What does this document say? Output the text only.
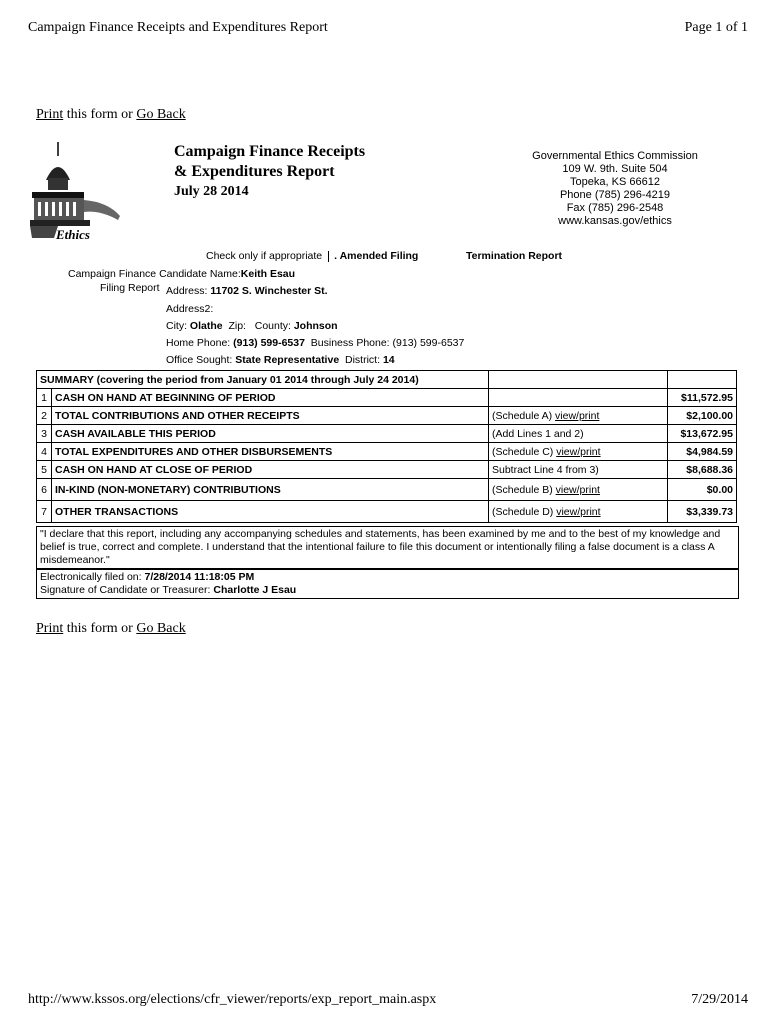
Campaign Finance Receipts and Expenditures Report	Page 1 of 1
Print this form or Go Back
Ethics
Campaign Finance Receipts
& Expenditures Report
July 28 2014
Governmental Ethics Commission
109 W. 9th. Suite 504
Topeka, KS 66612
Phone (785) 296-4219
Fax (785) 296-2548
www.kansas.gov/ethics
Check only if appropriate . Amended Filing	Termination Report
Campaign Finance Candidate Name:Keith Esau
Filing Report Address: 11702 S. Winchester St.
Address2:
City: Olathe Zip: County: Johnson
Home Phone: (913) 599-6537 Business Phone: (913) 599-6537
Office Sought: State Representative District: 14
SUMMARY (covering the period from January 01 2014 through July 24 2014)			
1	CASH ON HAND AT BEGINNING OF PERIOD		$11,572.95
2	TOTAL CONTRIBUTIONS AND OTHER RECEIPTS	(Schedule A) view/print	$2,100.00
3	CASH AVAILABLE THIS PERIOD	(Add Lines 1 and 2)	$13,672.95
4	TOTAL EXPENDITURES AND OTHER DISBURSEMENTS	(Schedule C) view/print	$4,984.59
5	CASH ON HAND AT CLOSE OF PERIOD	Subtract Line 4 from 3)	$8,688.36
6	IN-KIND (NON-MONETARY) CONTRIBUTIONS	(Schedule B) view/print	$0.00
7	OTHER TRANSACTIONS	(Schedule D) view/print	$3,339.73
"I declare that this report, including any accompanying schedules and statements, has been examined by me and to the best of my knowledge and belief is true, correct and complete. I understand that the intentional failure to file this document or intentionally filing a false document is a class A misdemeanor."
Electronically filed on: 7/28/2014 11:18:05 PM
Signature of Candidate or Treasurer: Charlotte J Esau
Print this form or Go Back
http://www.kssos.org/elections/cfr_viewer/reports/exp_report_main.aspx	7/29/2014
